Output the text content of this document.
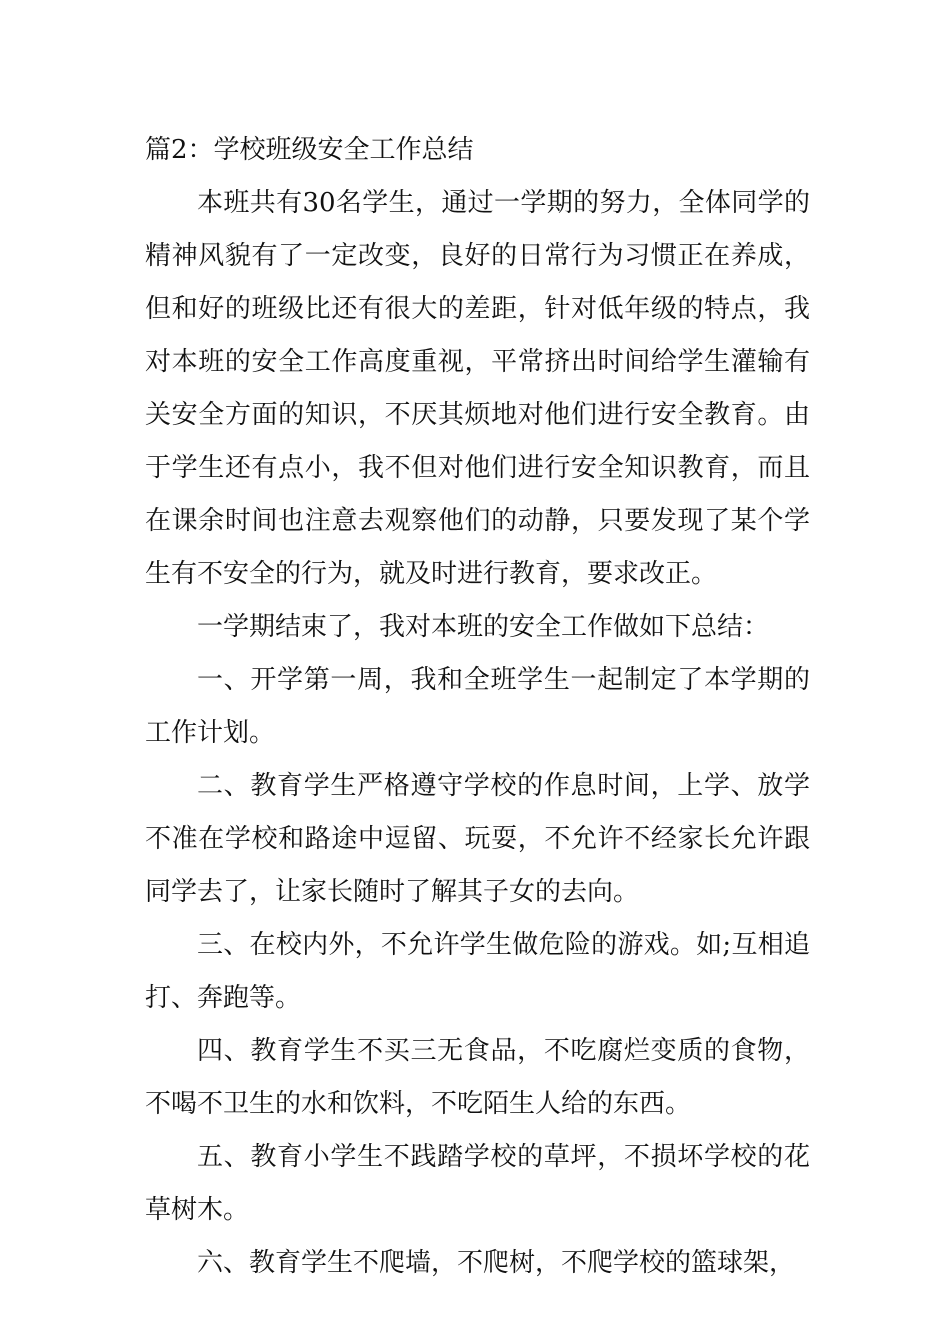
篇2：学校班级安全工作总结

本班共有30名学生，通过一学期的努力，全体同学的精神风貌有了一定改变，良好的日常行为习惯正在养成，但和好的班级比还有很大的差距，针对低年级的特点，我对本班的安全工作高度重视，平常挤出时间给学生灌输有关安全方面的知识，不厌其烦地对他们进行安全教育。由于学生还有点小，我不但对他们进行安全知识教育，而且在课余时间也注意去观察他们的动静，只要发现了某个学生有不安全的行为，就及时进行教育，要求改正。

一学期结束了，我对本班的安全工作做如下总结：

一、开学第一周，我和全班学生一起制定了本学期的工作计划。

二、教育学生严格遵守学校的作息时间，上学、放学不准在学校和路途中逗留、玩耍，不允许不经家长允许跟同学去了，让家长随时了解其子女的去向。

三、在校内外，不允许学生做危险的游戏。如;互相追打、奔跑等。

四、教育学生不买三无食品，不吃腐烂变质的食物，不喝不卫生的水和饮料，不吃陌生人给的东西。

五、教育小学生不践踏学校的草坪，不损坏学校的花草树木。

六、教育学生不爬墙，不爬树，不爬学校的篮球架，
